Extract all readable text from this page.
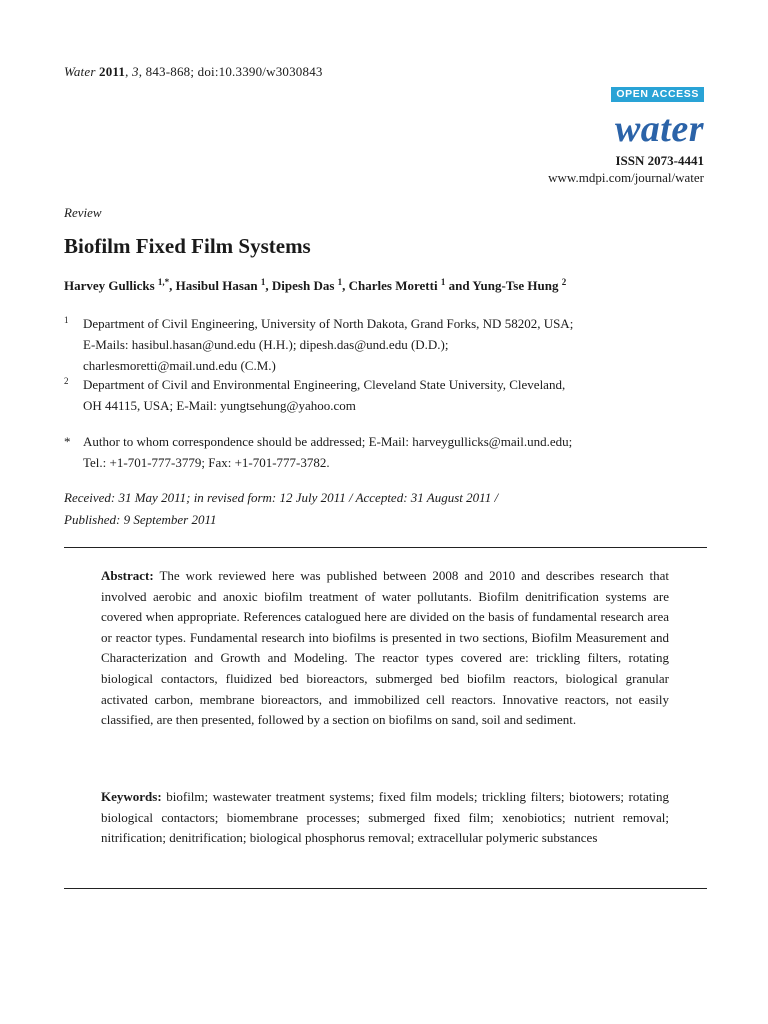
Water 2011, 3, 843-868; doi:10.3390/w3030843
OPEN ACCESS
water
ISSN 2073-4441
www.mdpi.com/journal/water
Review
Biofilm Fixed Film Systems
Harvey Gullicks $^{1,*}$, Hasibul Hasan $^1$, Dipesh Das $^1$, Charles Moretti $^1$ and Yung-Tse Hung $^2$
1 Department of Civil Engineering, University of North Dakota, Grand Forks, ND 58202, USA;
E-Mails: hasibul.hasan@und.edu (H.H.); dipesh.das@und.edu (D.D.);
charlesmoretti@mail.und.edu (C.M.)
2 Department of Civil and Environmental Engineering, Cleveland State University, Cleveland,
OH 44115, USA; E-Mail: yungtsehung@yahoo.com
* Author to whom correspondence should be addressed; E-Mail: harveygullicks@mail.und.edu;
Tel.: +1-701-777-3779; Fax: +1-701-777-3782.
Received: 31 May 2011; in revised form: 12 July 2011 / Accepted: 31 August 2011 /
Published: 9 September 2011
Abstract: The work reviewed here was published between 2008 and 2010 and describes research that involved aerobic and anoxic biofilm treatment of water pollutants. Biofilm denitrification systems are covered when appropriate. References catalogued here are divided on the basis of fundamental research area or reactor types. Fundamental research into biofilms is presented in two sections, Biofilm Measurement and Characterization and Growth and Modeling. The reactor types covered are: trickling filters, rotating biological contactors, fluidized bed bioreactors, submerged bed biofilm reactors, biological granular activated carbon, membrane bioreactors, and immobilized cell reactors. Innovative reactors, not easily classified, are then presented, followed by a section on biofilms on sand, soil and sediment.
Keywords: biofilm; wastewater treatment systems; fixed film models; trickling filters; biotowers; rotating biological contactors; biomembrane processes; submerged fixed film; xenobiotics; nutrient removal; nitrification; denitrification; biological phosphorus removal; extracellular polymeric substances
